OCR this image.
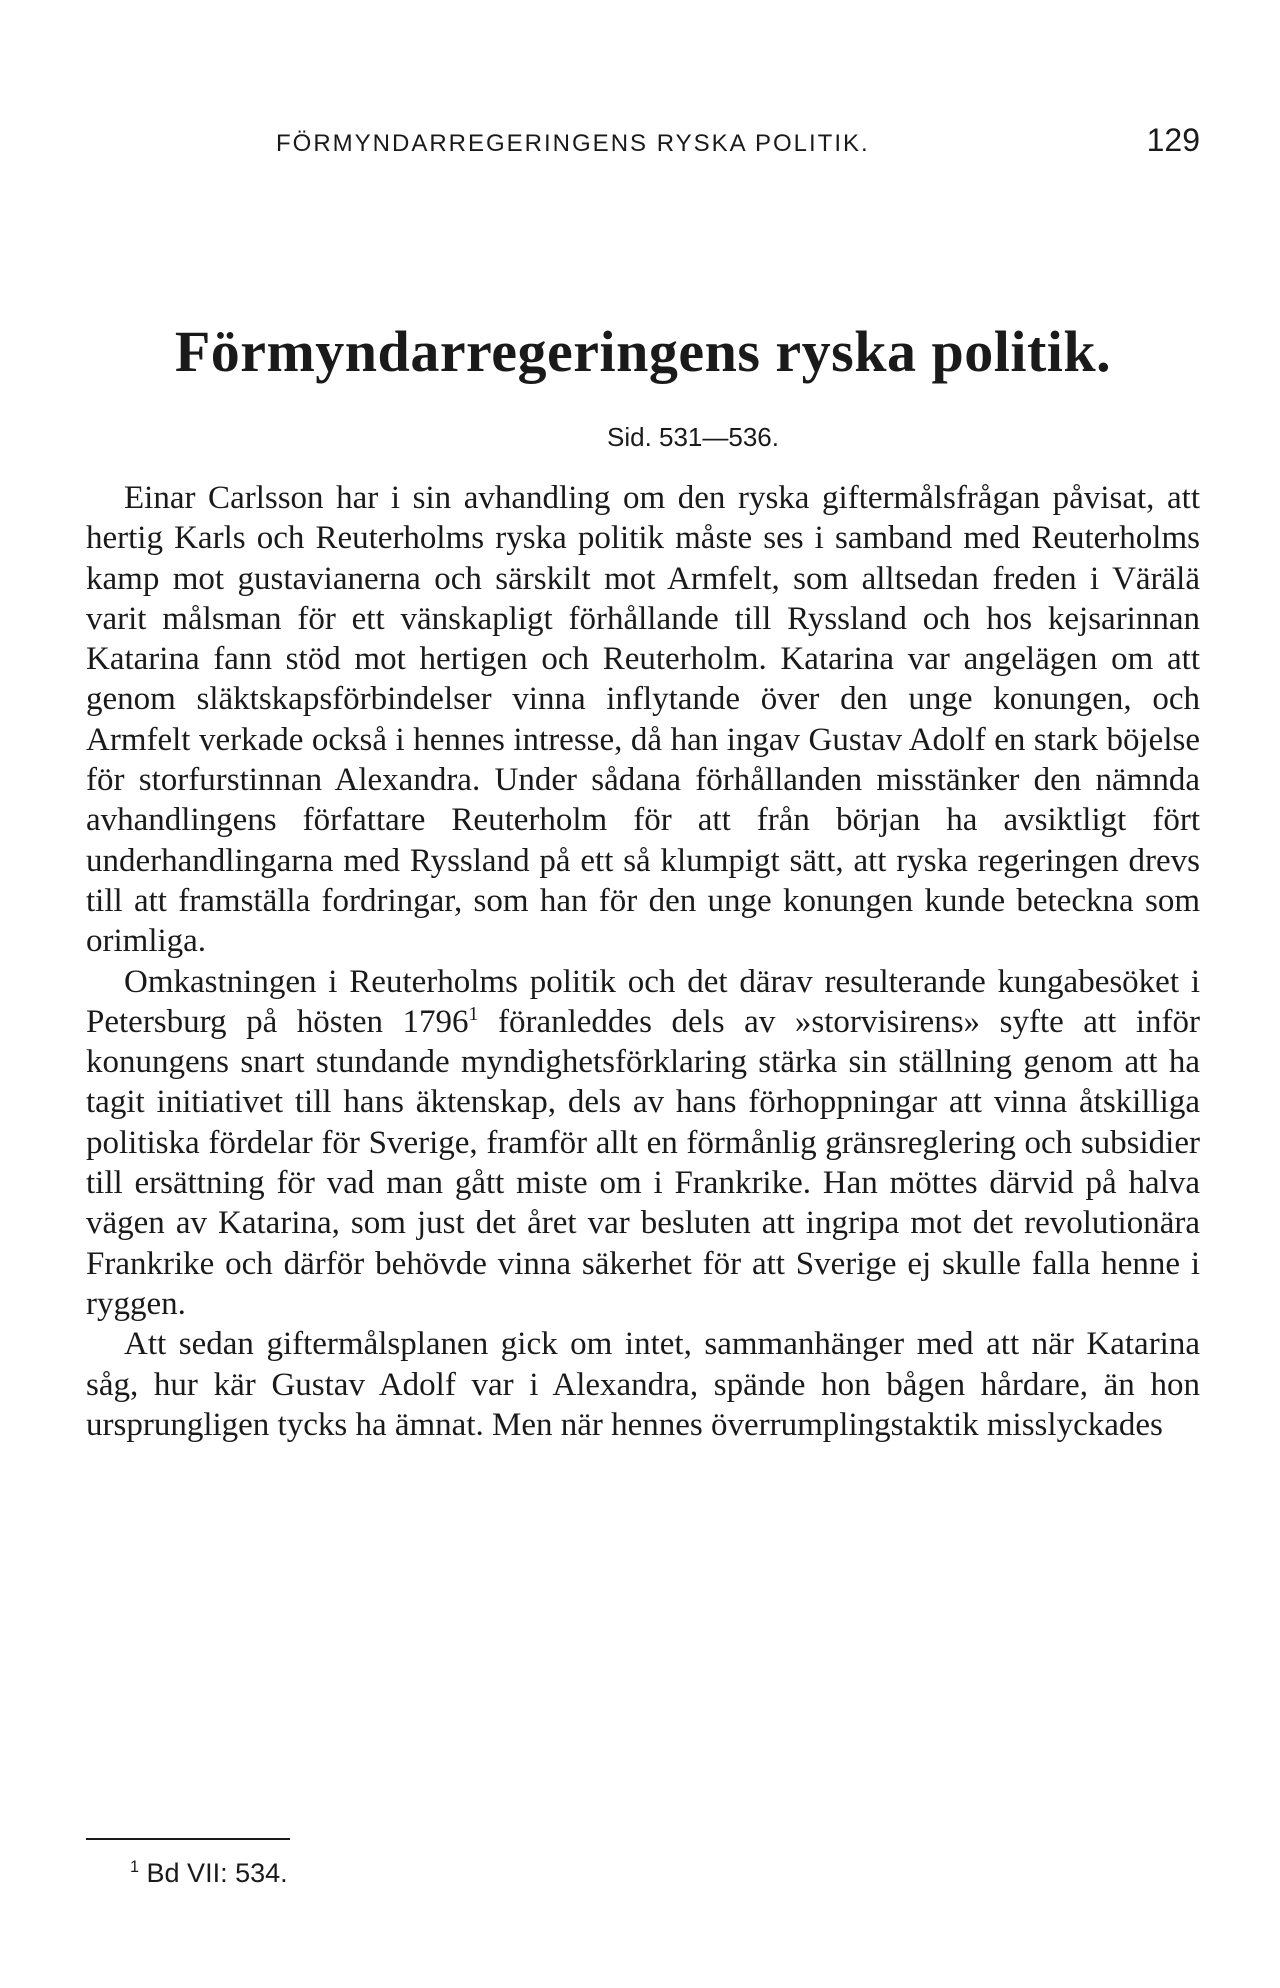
FÖRMYNDARREGERINGENS RYSKA POLITIK.	129
Förmyndarregeringens ryska politik.
Sid. 531—536.

Einar Carlsson har i sin avhandling om den ryska giftermålsfrågan påvisat, att hertig Karls och Reuterholms ryska politik måste ses i samband med Reuterholms kamp mot gustavianerna och särskilt mot Armfelt, som alltsedan freden i Värälä varit målsman för ett vänskapligt förhållande till Ryssland och hos kejsarinnan Katarina fann stöd mot hertigen och Reuterholm. Katarina var angelägen om att genom släktskapsförbindelser vinna inflytande över den unge konungen, och Armfelt verkade också i hennes intresse, då han ingav Gustav Adolf en stark böjelse för storfurstinnan Alexandra. Under sådana förhållanden misstänker den nämnda avhandlingens författare Reuterholm för att från början ha avsiktligt fört underhandlingarna med Ryssland på ett så klumpigt sätt, att ryska regeringen drevs till att framställa fordringar, som han för den unge konungen kunde beteckna som orimliga.

Omkastningen i Reuterholms politik och det därav resulterande kungabesöket i Petersburg på hösten 1796$^1$ föranleddes dels av »storvisirens» syfte att inför konungens snart stundande myndighetsförklaring stärka sin ställning genom att ha tagit initiativet till hans äktenskap, dels av hans förhoppningar att vinna åtskilliga politiska fördelar för Sverige, framför allt en förmånlig gränsreglering och subsidier till ersättning för vad man gått miste om i Frankrike. Han möttes därvid på halva vägen av Katarina, som just det året var besluten att ingripa mot det revolutionära Frankrike och därför behövde vinna säkerhet för att Sverige ej skulle falla henne i ryggen.

Att sedan giftermålsplanen gick om intet, sammanhänger med att när Katarina såg, hur kär Gustav Adolf var i Alexandra, spände hon bågen hårdare, än hon ursprungligen tycks ha ämnat. Men när hennes överrumplingstaktik misslyckades

$^1$ Bd VII: 534.
